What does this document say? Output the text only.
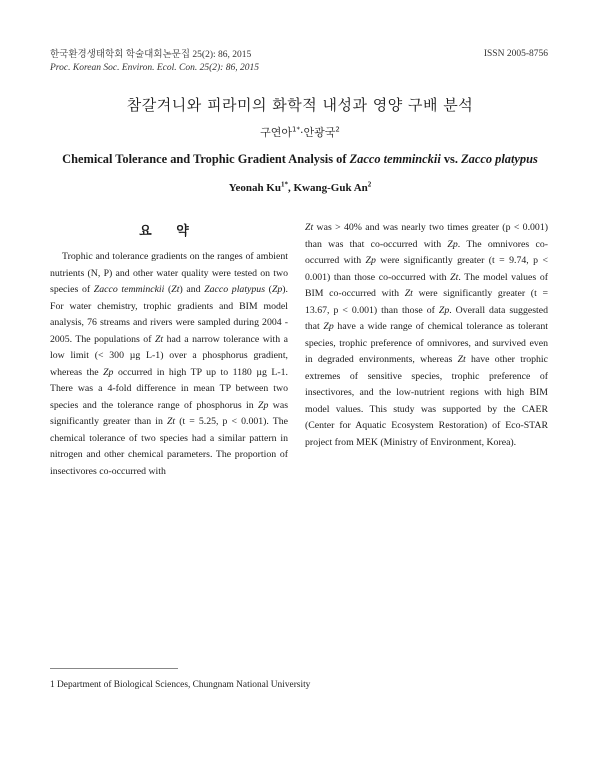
한국환경생태학회 학술대회논문집 25(2): 86, 2015
Proc. Korean Soc. Environ. Ecol. Con. 25(2): 86, 2015
ISSN 2005-8756
참갈겨니와 피라미의 화학적 내성과 영양 구배 분석
구연아$^{1*}$·안광국$^2$
Chemical Tolerance and Trophic Gradient Analysis of Zacco temminckii vs. Zacco platypus
Yeonah $Ku^{1*}$, Kwang-Guk An$^2$
요 약
Trophic and tolerance gradients on the ranges of ambient nutrients (N, P) and other water quality were tested on two species of Zacco temminckii (Zt) and Zacco platypus (Zp). For water chemistry, trophic gradients and BIM model analysis, 76 streams and rivers were sampled during 2004 - 2005. The populations of Zt had a narrow tolerance with a low limit (< 300 µg L-1) over a phosphorus gradient, whereas the Zp occurred in high TP up to 1180 µg L-1. There was a 4-fold difference in mean TP between two species and the tolerance range of phosphorus in Zp was significantly greater than in Zt (t = 5.25, p < 0.001). The chemical tolerance of two species had a similar pattern in nitrogen and other chemical parameters. The proportion of insectivores co-occurred with
Zt was > 40% and was nearly two times greater (p < 0.001) than was that co-occurred with Zp. The omnivores co-occurred with Zp were significantly greater (t = 9.74, p < 0.001) than those co-occurred with Zt. The model values of BIM co-occurred with Zt were significantly greater (t = 13.67, p < 0.001) than those of Zp. Overall data suggested that Zp have a wide range of chemical tolerance as tolerant species, trophic preference of omnivores, and survived even in degraded environments, whereas Zt have other trophic extremes of sensitive species, trophic preference of insectivores, and the low-nutrient regions with high BIM model values. This study was supported by the CAER (Center for Aquatic Ecosystem Restoration) of Eco-STAR project from MEK (Ministry of Environment, Korea).
1 Department of Biological Sciences, Chungnam National University
